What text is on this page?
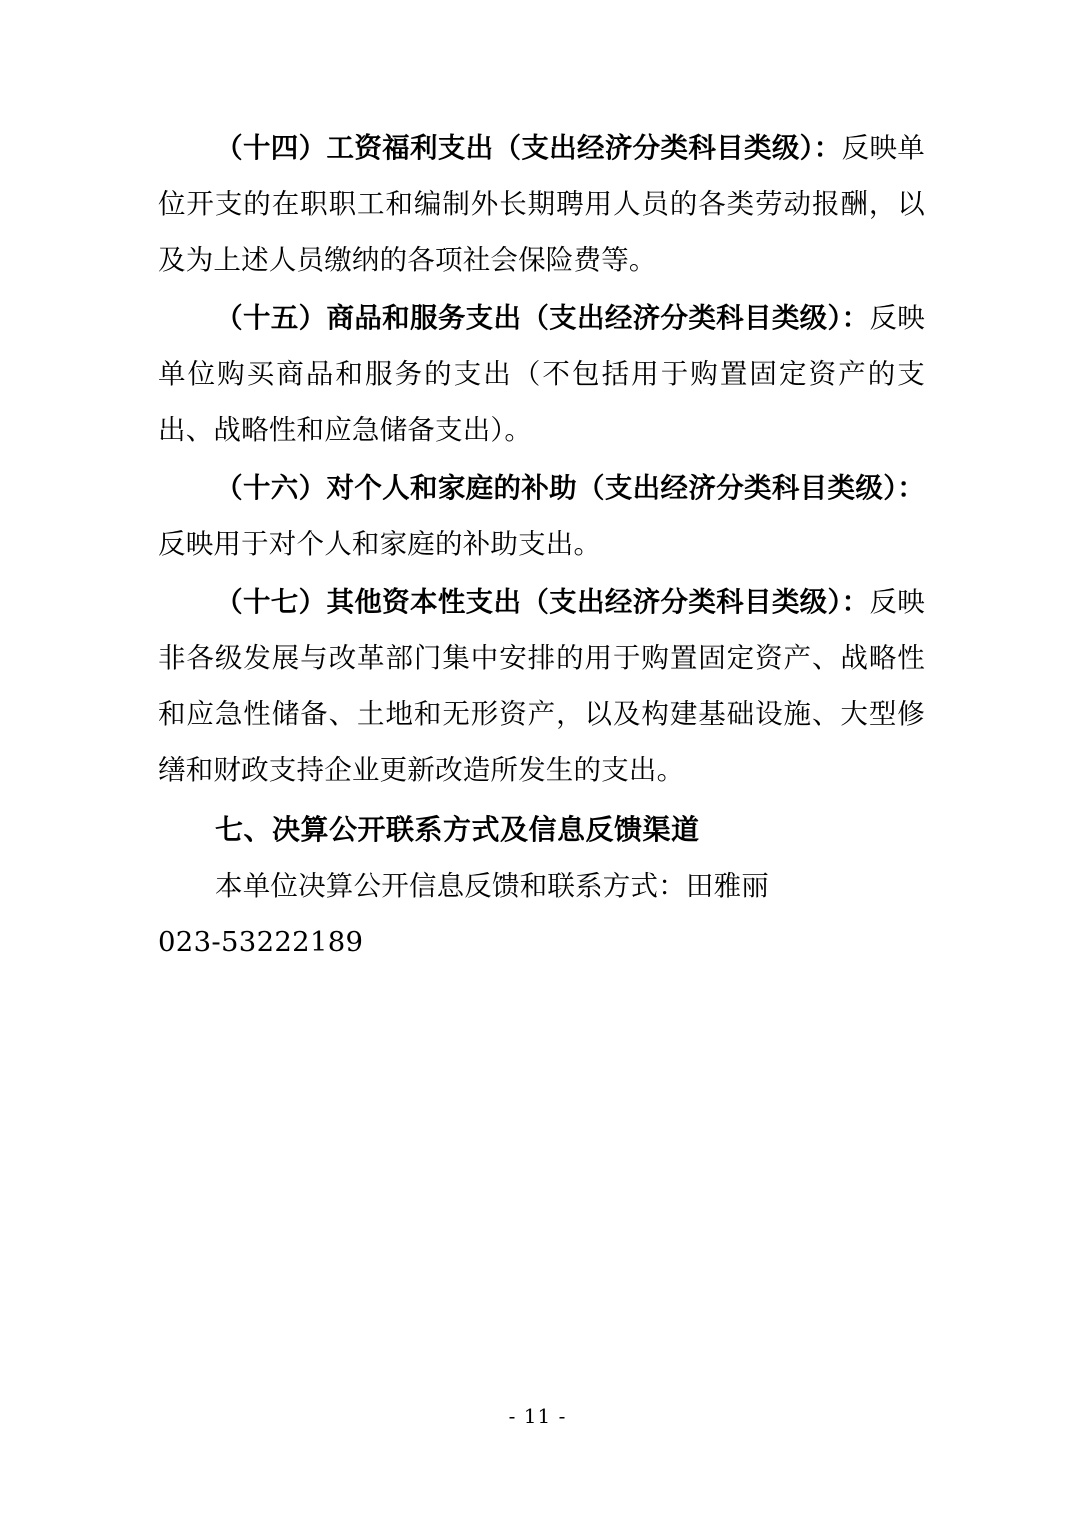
（十四）工资福利支出（支出经济分类科目类级）：反映单位开支的在职职工和编制外长期聘用人员的各类劳动报酬，以及为上述人员缴纳的各项社会保险费等。

（十五）商品和服务支出（支出经济分类科目类级）：反映单位购买商品和服务的支出（不包括用于购置固定资产的支出、战略性和应急储备支出）。

（十六）对个人和家庭的补助（支出经济分类科目类级）：反映用于对个人和家庭的补助支出。

（十七）其他资本性支出（支出经济分类科目类级）：反映非各级发展与改革部门集中安排的用于购置固定资产、战略性和应急性储备、土地和无形资产，以及构建基础设施、大型修缮和财政支持企业更新改造所发生的支出。

七、决算公开联系方式及信息反馈渠道

本单位决算公开信息反馈和联系方式：田雅丽

023-53222189

- 11 -
